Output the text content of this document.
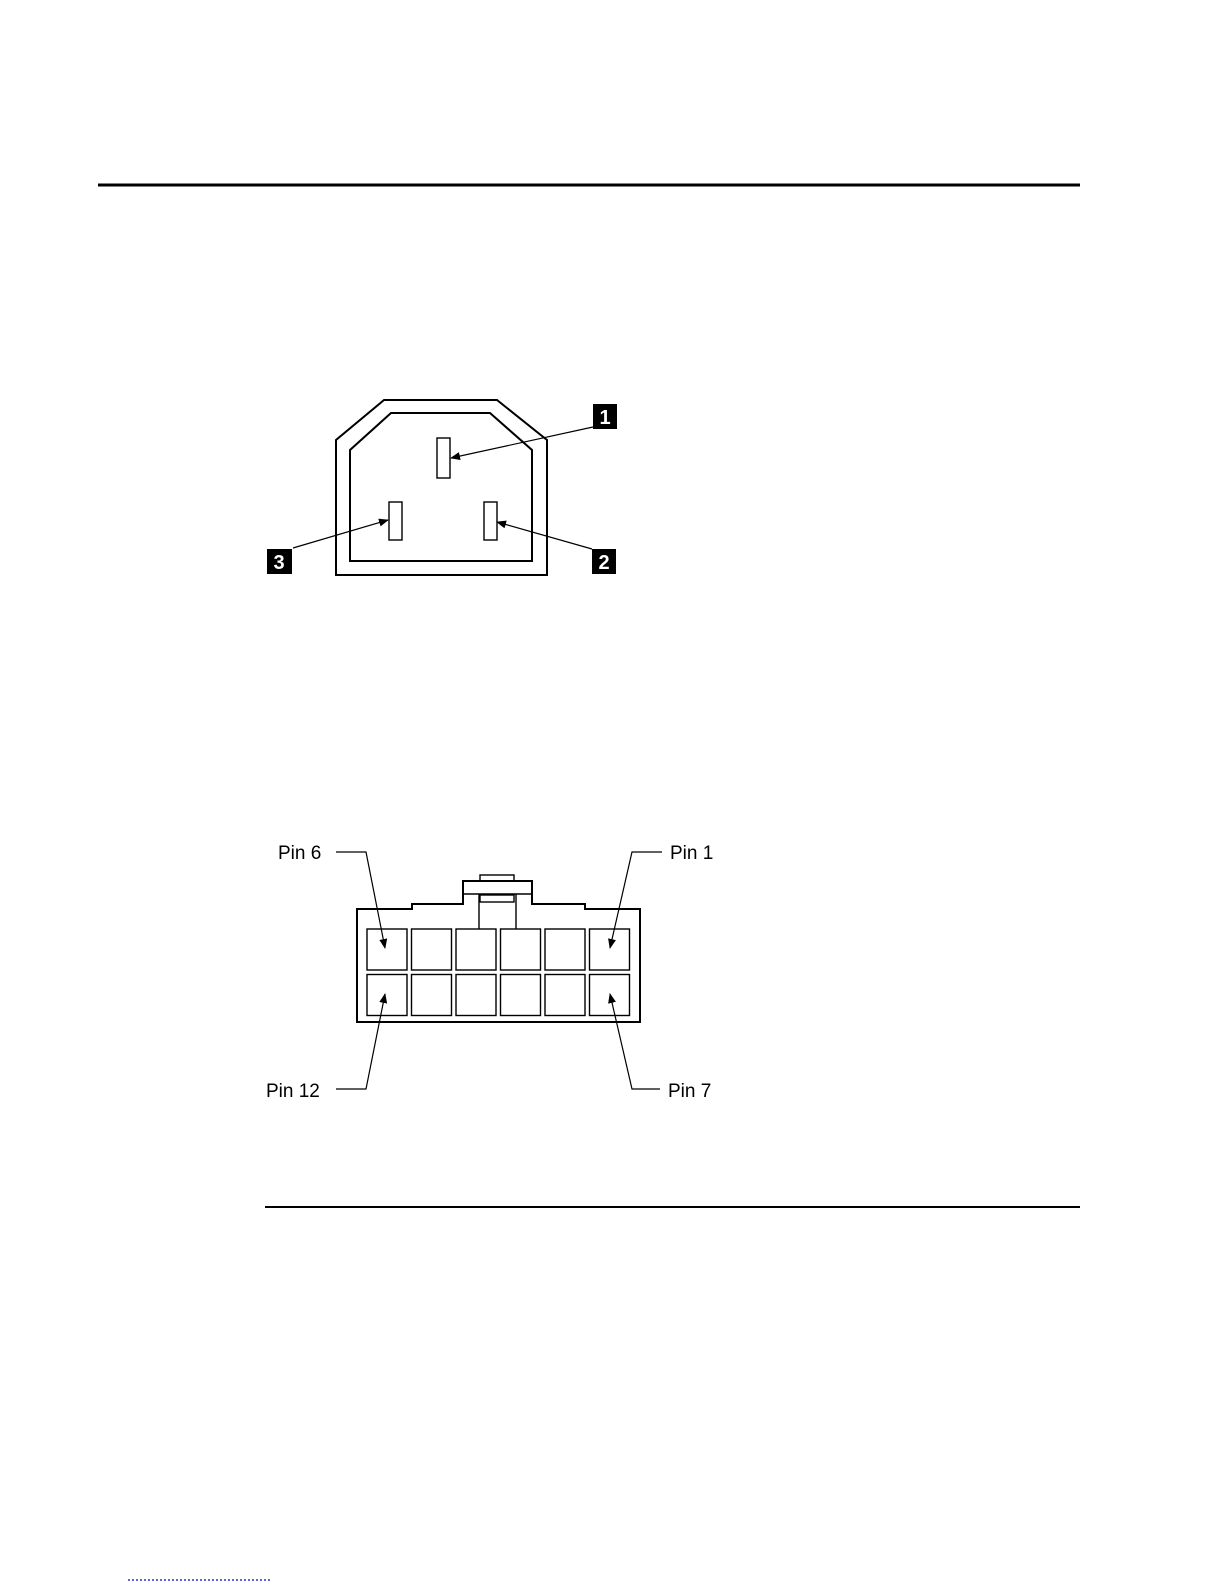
1
2
3
Pin 6	Pin 1
Pin 12	Pin 7
